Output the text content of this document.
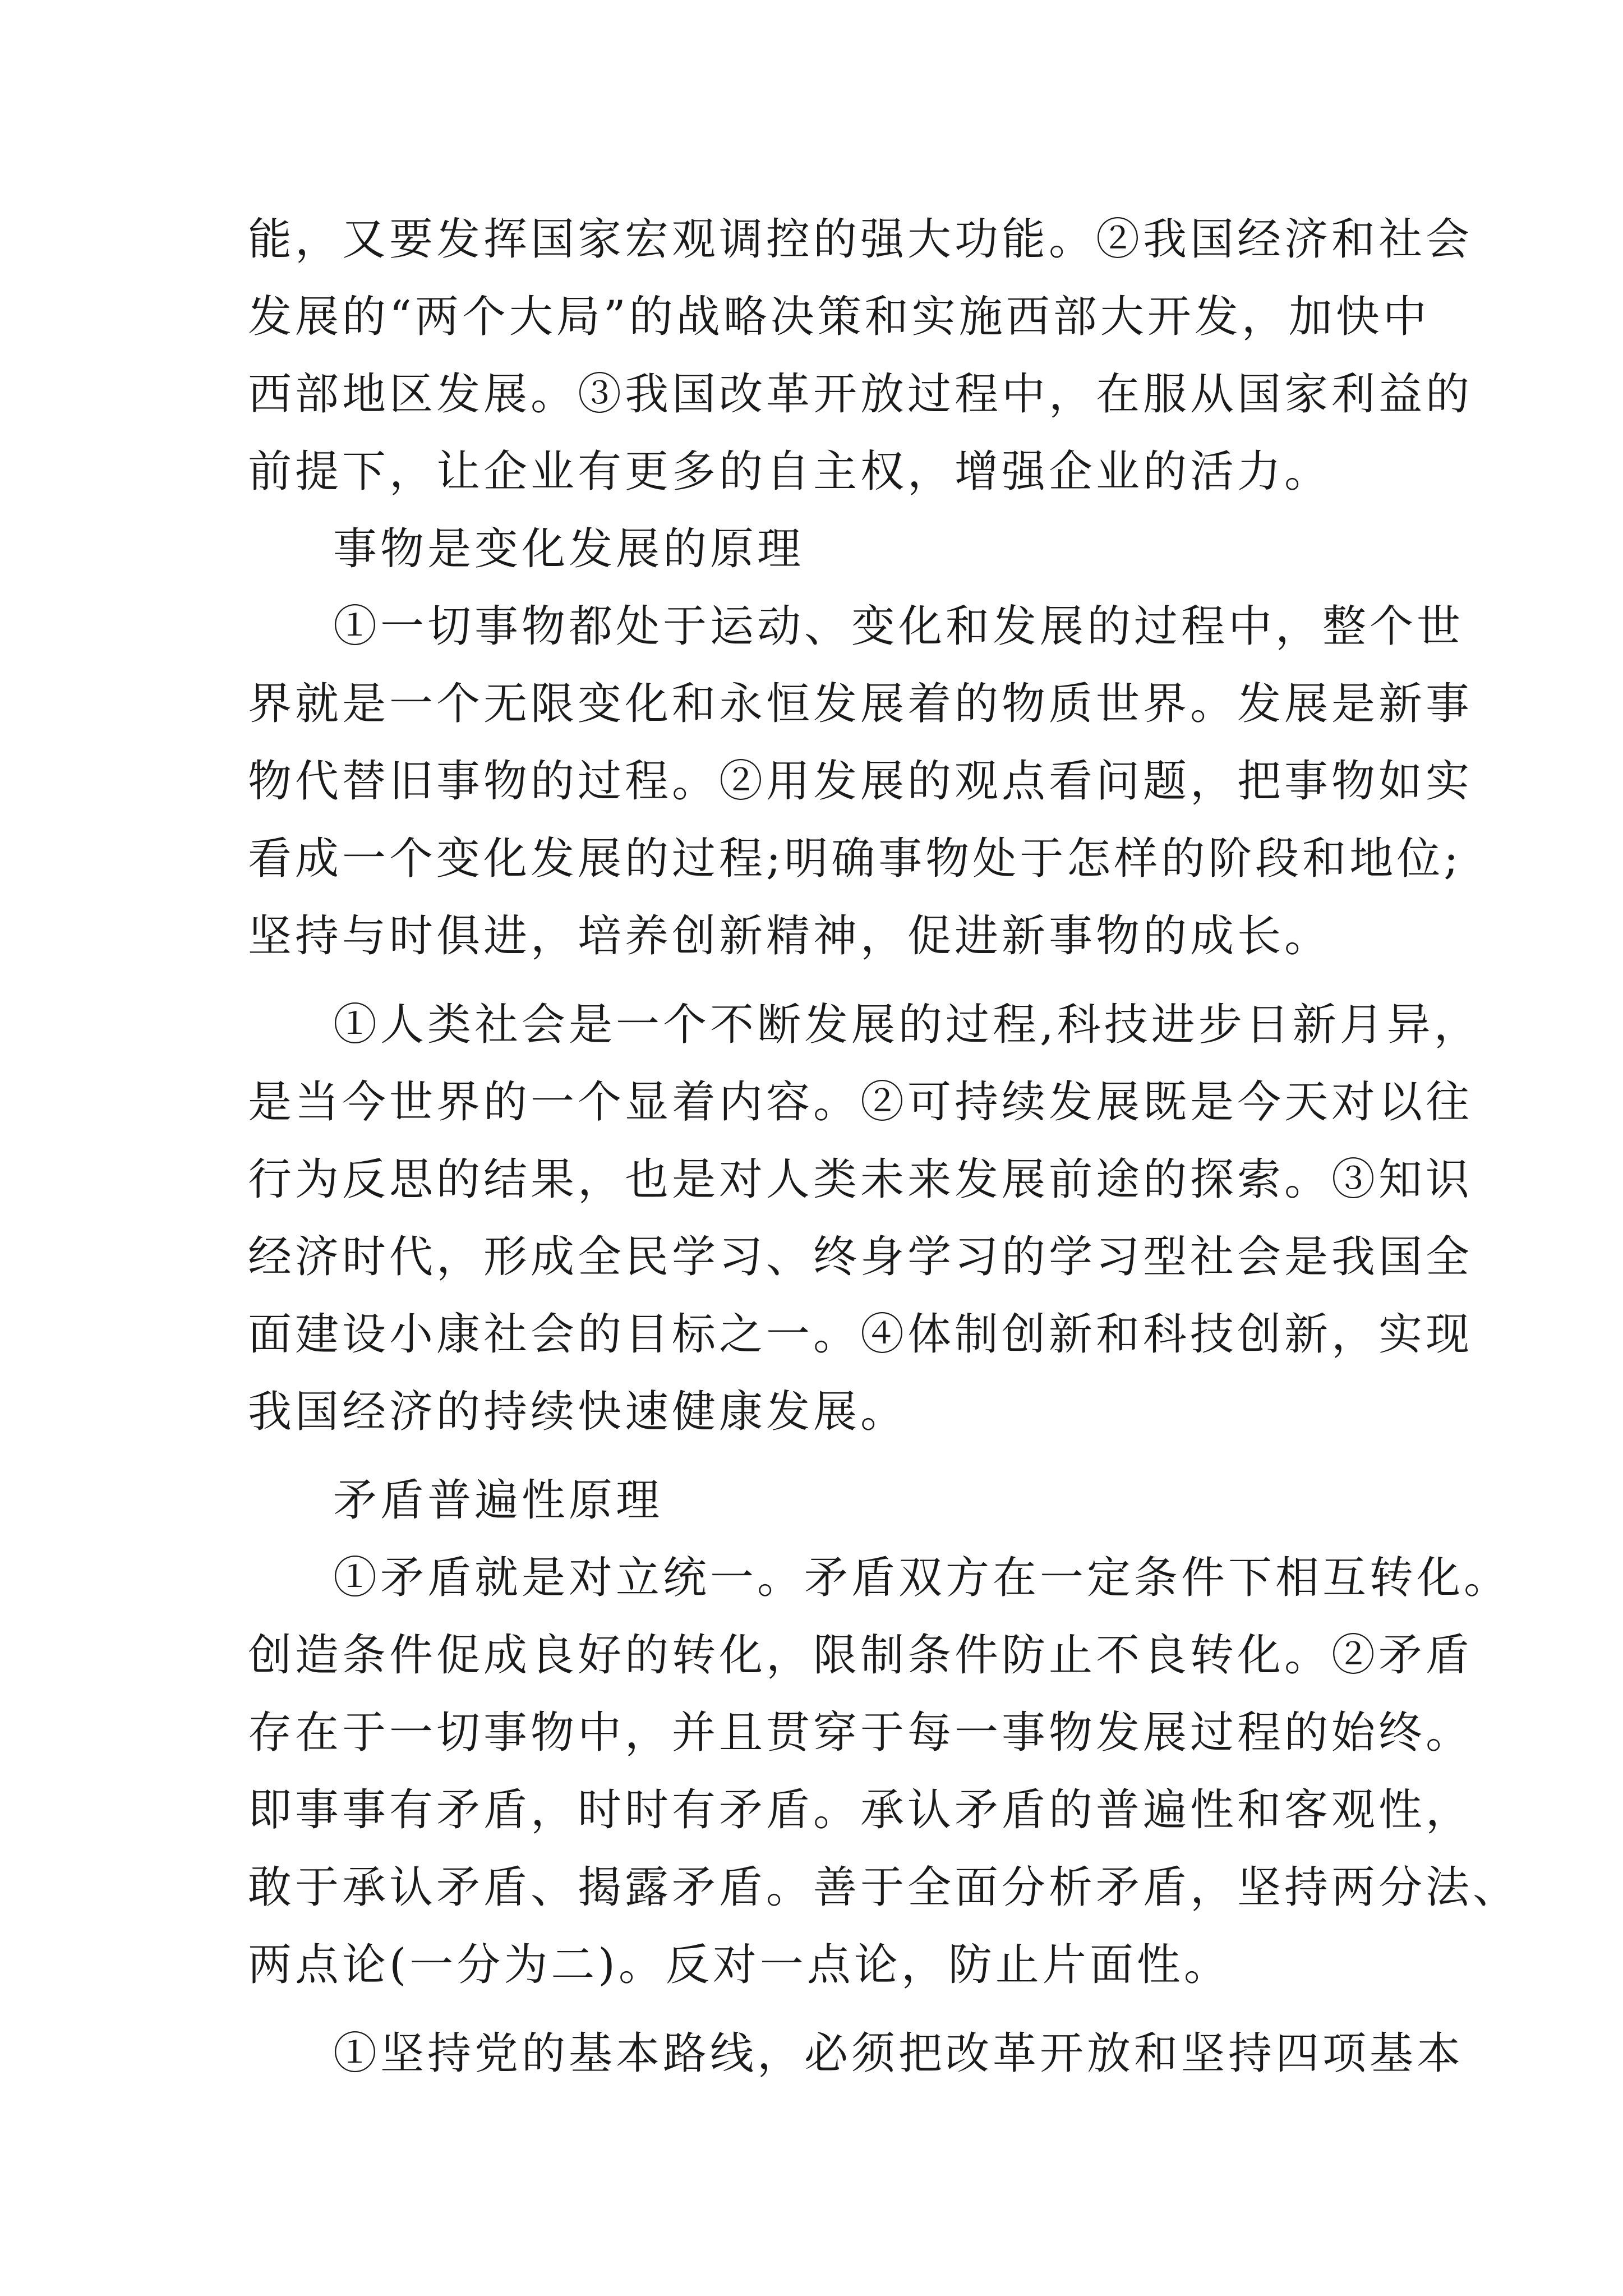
能，又要发挥国家宏观调控的强大功能。②我国经济和社会
发展的“两个大局”的战略决策和实施西部大开发，加快中
西部地区发展。③我国改革开放过程中，在服从国家利益的
前提下，让企业有更多的自主权，增强企业的活力。
事物是变化发展的原理
①一切事物都处于运动、变化和发展的过程中，整个世
界就是一个无限变化和永恒发展着的物质世界。发展是新事
物代替旧事物的过程。②用发展的观点看问题，把事物如实
看成一个变化发展的过程;明确事物处于怎样的阶段和地位;
坚持与时俱进，培养创新精神，促进新事物的成长。
①人类社会是一个不断发展的过程,科技进步日新月异，
是当今世界的一个显着内容。②可持续发展既是今天对以往
行为反思的结果，也是对人类未来发展前途的探索。③知识
经济时代，形成全民学习、终身学习的学习型社会是我国全
面建设小康社会的目标之一。④体制创新和科技创新，实现
我国经济的持续快速健康发展。
矛盾普遍性原理
①矛盾就是对立统一。矛盾双方在一定条件下相互转化。
创造条件促成良好的转化，限制条件防止不良转化。②矛盾
存在于一切事物中，并且贯穿于每一事物发展过程的始终。
即事事有矛盾，时时有矛盾。承认矛盾的普遍性和客观性，
敢于承认矛盾、揭露矛盾。善于全面分析矛盾，坚持两分法、
两点论(一分为二)。反对一点论，防止片面性。
①坚持党的基本路线，必须把改革开放和坚持四项基本
